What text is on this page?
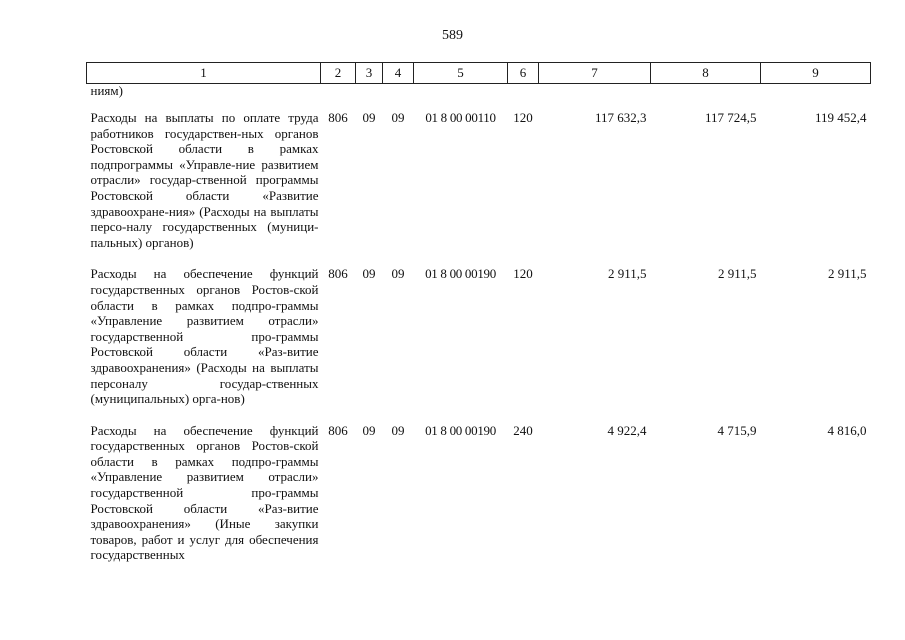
589
1	2	3	4	5	6	7	8	9
ниям)								
Расходы на выплаты по оплате труда работников государствен-ных органов Ростовской области в рамках подпрограммы «Управле-ние развитием отрасли» государ-ственной программы Ростовской области «Развитие здравоохране-ния» (Расходы на выплаты персо-налу государственных (муници-пальных) органов)	806	09	09	01 8 00 00110	120	117 632,3	117 724,5	119 452,4
Расходы на обеспечение функций государственных органов Ростов-ской области в рамках подпро-граммы «Управление развитием отрасли» государственной про-граммы Ростовской области «Раз-витие здравоохранения» (Расходы на выплаты персоналу государ-ственных (муниципальных) орга-нов)	806	09	09	01 8 00 00190	120	2 911,5	2 911,5	2 911,5
Расходы на обеспечение функций государственных органов Ростов-ской области в рамках подпро-граммы «Управление развитием отрасли» государственной про-граммы Ростовской области «Раз-витие здравоохранения» (Иные закупки товаров, работ и услуг для обеспечения государственных	806	09	09	01 8 00 00190	240	4 922,4	4 715,9	4 816,0
